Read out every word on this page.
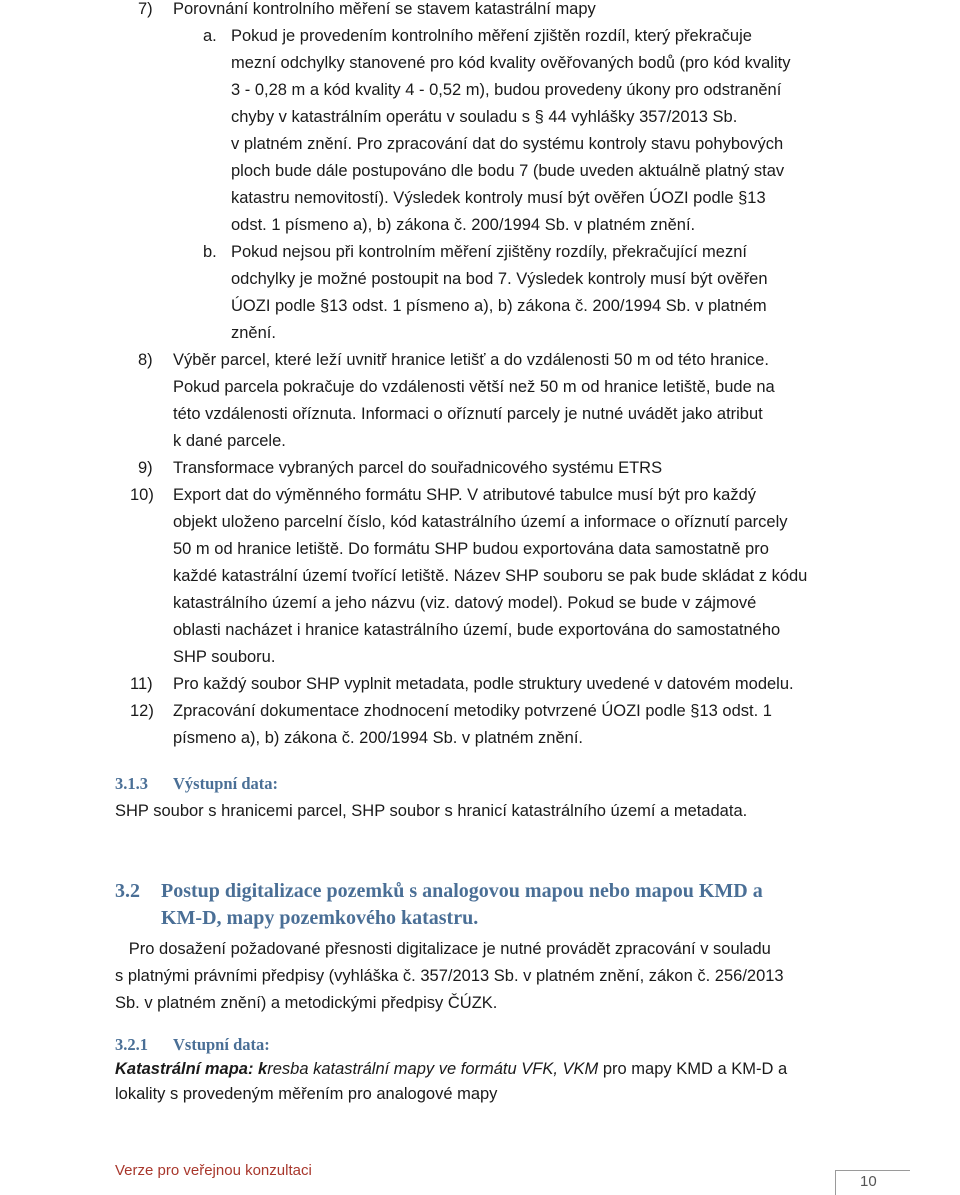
7) Porovnání kontrolního měření se stavem katastrální mapy
a. Pokud je provedením kontrolního měření zjištěn rozdíl, který překračuje
mezní odchylky stanovené pro kód kvality ověřovaných bodů (pro kód kvality
3 - 0,28 m a kód kvality 4 - 0,52 m), budou provedeny úkony pro odstranění
chyby v katastrálním operátu v souladu s § 44 vyhlášky 357/2013 Sb.
v platném znění. Pro zpracování dat do systému kontroly stavu pohybových
ploch bude dále postupováno dle bodu 7 (bude uveden aktuálně platný stav
katastru nemovitostí). Výsledek kontroly musí být ověřen ÚOZI podle §13
odst. 1 písmeno a), b) zákona č. 200/1994 Sb. v platném znění.
b. Pokud nejsou při kontrolním měření zjištěny rozdíly, překračující mezní
odchylky je možné postoupit na bod 7. Výsledek kontroly musí být ověřen
ÚOZI podle §13 odst. 1 písmeno a), b) zákona č. 200/1994 Sb. v platném
znění.
8) Výběr parcel, které leží uvnitř hranice letišť a do vzdálenosti 50 m od této hranice.
Pokud parcela pokračuje do vzdálenosti větší než 50 m od hranice letiště, bude na
této vzdálenosti oříznuta. Informaci o oříznutí parcely je nutné uvádět jako atribut
k dané parcele.
9) Transformace vybraných parcel do souřadnicového systému ETRS
10) Export dat do výměnného formátu SHP. V atributové tabulce musí být pro každý
objekt uloženo parcelní číslo, kód katastrálního území a informace o oříznutí parcely
50 m od hranice letiště. Do formátu SHP budou exportována data samostatně pro
každé katastrální území tvořící letiště. Název SHP souboru se pak bude skládat z kódu
katastrálního území a jeho názvu (viz. datový model). Pokud se bude v zájmové
oblasti nacházet i hranice katastrálního území, bude exportována do samostatného
SHP souboru.
11) Pro každý soubor SHP vyplnit metadata, podle struktury uvedené v datovém modelu.
12) Zpracování dokumentace zhodnocení metodiky potvrzené ÚOZI podle §13 odst. 1
písmeno a), b) zákona č. 200/1994 Sb. v platném znění.
3.1.3 Výstupní data:
SHP soubor s hranicemi parcel, SHP soubor s hranicí katastrálního území a metadata.
3.2 Postup digitalizace pozemků s analogovou mapou nebo mapou KMD a
KM-D, mapy pozemkového katastru.
Pro dosažení požadované přesnosti digitalizace je nutné provádět zpracování v souladu
s platnými právními předpisy (vyhláška č. 357/2013 Sb. v platném znění, zákon č. 256/2013
Sb. v platném znění) a metodickými předpisy ČÚZK.
3.2.1 Vstupní data:
Katastrální mapa: kresba katastrální mapy ve formátu VFK, VKM pro mapy KMD a KM-D a
lokality s provedeným měřením pro analogové mapy
Verze pro veřejnou konzultaci
10
